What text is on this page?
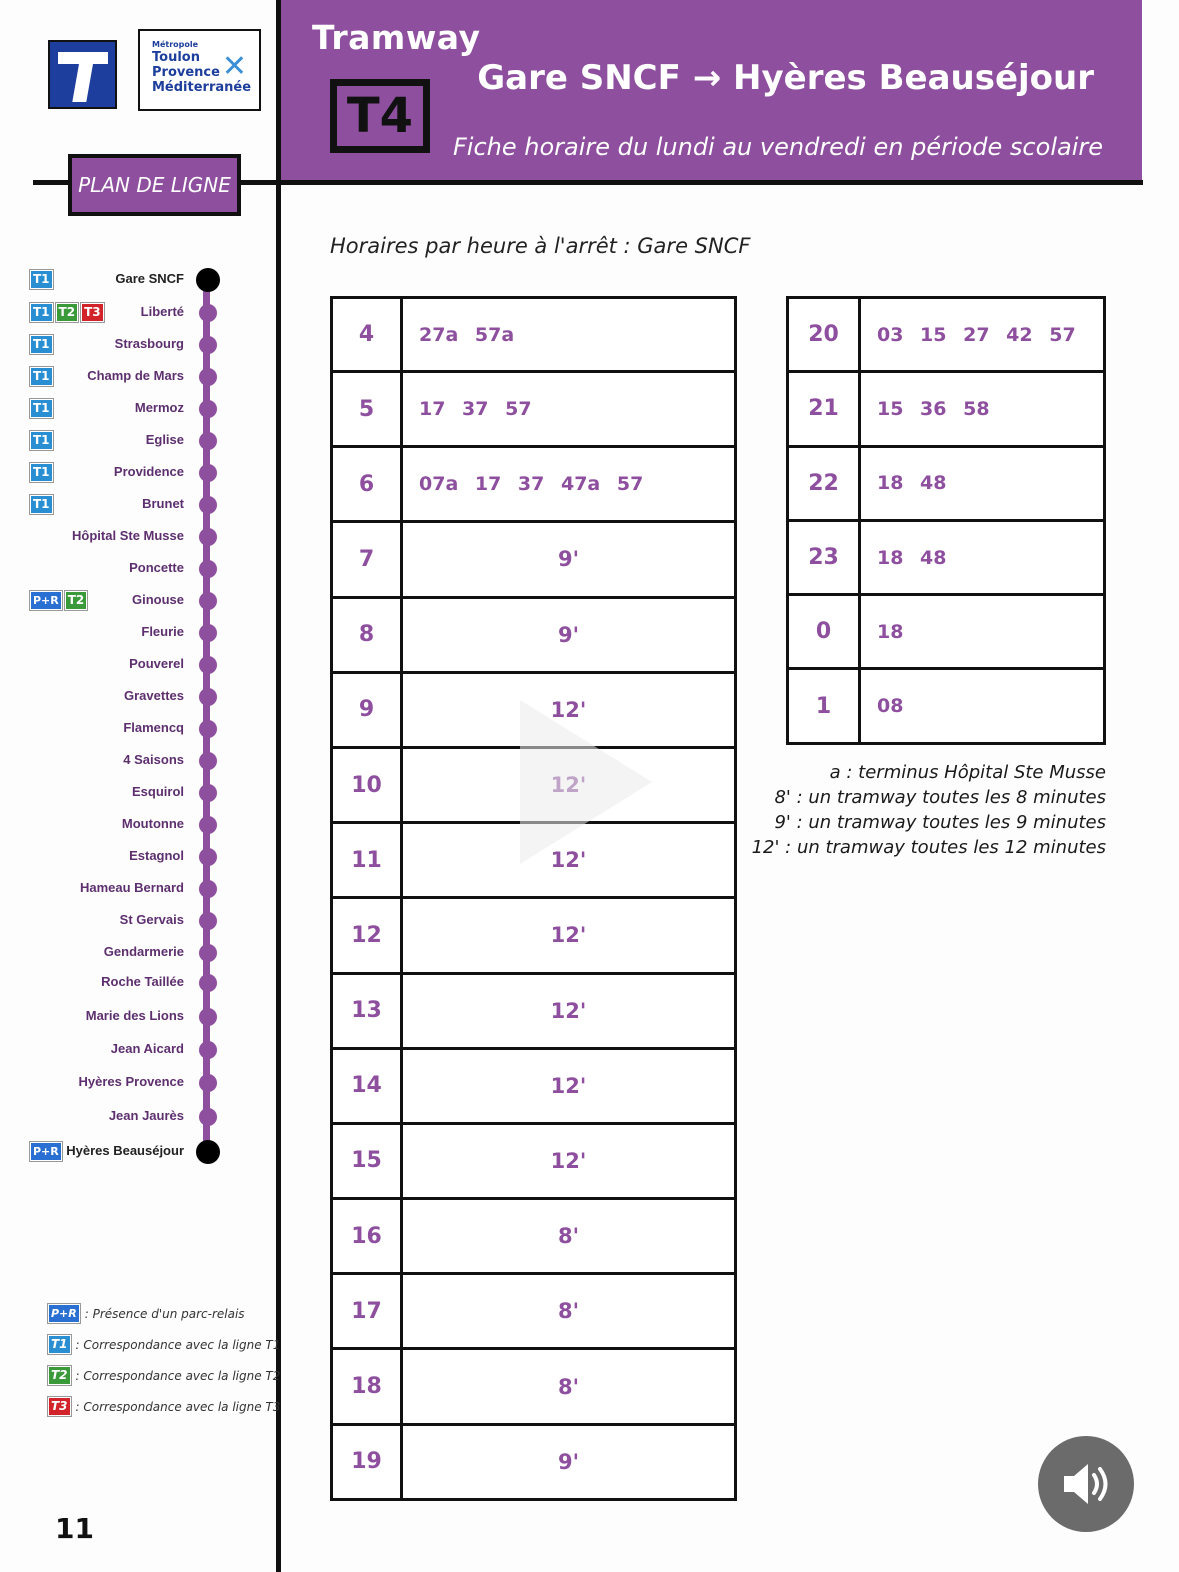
Métropole
Toulon
Provence
Méditerranée
✕
Tramway
T4
Gare SNCF → Hyères Beauséjour
Fiche horaire du lundi au vendredi en période scolaire
PLAN DE LIGNE
Gare SNCF
T1
Liberté
T1 T2 T3
Strasbourg
T1
Champ de Mars
T1
Mermoz
T1
Eglise
T1
Providence
T1
Brunet
T1
Hôpital Ste Musse
Poncette
Ginouse
P+R T2
Fleurie
Pouverel
Gravettes
Flamencq
4 Saisons
Esquirol
Moutonne
Estagnol
Hameau Bernard
St Gervais
Gendarmerie
Roche Taillée
Marie des Lions
Jean Aicard
Hyères Provence
Jean Jaurès
Hyères Beauséjour
P+R
P+R : Présence d'un parc-relais
T1 : Correspondance avec la ligne T1
T2 : Correspondance avec la ligne T2
T3 : Correspondance avec la ligne T3
11
Horaires par heure à l'arrêt : Gare SNCF
4	27a 57a
5	17 37 57
6	07a 17 37 47a 57
7	9'
8	9'
9	12'
10	12'
11	12'
12	12'
13	12'
14	12'
15	12'
16	8'
17	8'
18	8'
19	9'
20	03 15 27 42 57
21	15 36 58
22	18 48
23	18 48
0	18
1	08
a : terminus Hôpital Ste Musse
8' : un tramway toutes les 8 minutes
9' : un tramway toutes les 9 minutes
12' : un tramway toutes les 12 minutes
